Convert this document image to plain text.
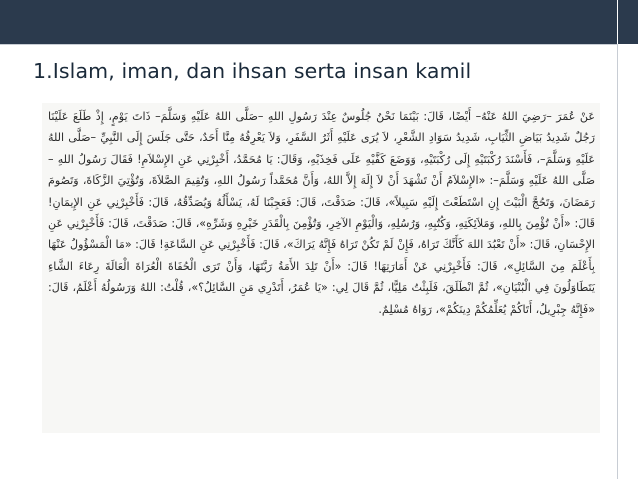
1.Islam, iman, dan ihsan serta insan kamil

عَنْ عُمَرَ –رَضِيَ اللهُ عَنْهُ– أَيْضًا، قَالَ: بَيْنَمَا نَحْنُ جُلُوسٌ عِنْدَ رَسُولِ اللهِ –صَلَّى اللهُ عَلَيْهِ وَسَلَّمَ– ذَاتَ يَوْمٍ، إِذْ طَلَعَ عَلَيْنَا رَجُلٌ شَدِيدُ بَيَاضِ الثِّيَابِ، شَدِيدُ سَوَادِ الشَّعْرِ، لاَ يُرَى عَلَيْهِ أَثَرُ السَّفَرِ، وَلاَ يَعْرِفُهُ مِنَّا أَحَدٌ، حَتَّى جَلَسَ إِلَى النَّبِيِّ –صَلَّى اللهُ عَلَيْهِ وَسَلَّمَ–، فَأَسْنَدَ رُكْبَتَيْهِ إِلَى رُكْبَتَيْهِ، وَوَضَعَ كَفَّيْهِ عَلَى فَخِذَيْهِ، وَقَالَ: يَا مُحَمَّدُ، أَخْبِرْنِي عَنِ الإِسْلاَمِ! فَقَالَ رَسُولُ اللهِ –صَلَّى اللهُ عَلَيْهِ وَسَلَّمَ–: «الإِسْلاَمُ أَنْ تَشْهَدَ أَنْ لاَ إِلَهَ إِلاَّ اللهُ، وَأَنَّ مُحَمَّداً رَسُولُ اللهِ، وَتُقِيمَ الصَّلاَةَ، وَتُؤْتِيَ الزَّكَاةَ، وَتَصُومَ رَمَضَانَ، وَتَحُجَّ الْبَيْتَ إِنِ اسْتَطَعْتَ إِلَيْهِ سَبِيلاً»، قَالَ: صَدَقْتَ، قَالَ: فَعَجِبْنَا لَهُ، يَسْأَلُهُ وَيُصَدِّقُهُ، قَالَ: فَأَخْبِرْنِي عَنِ الإِيمَانِ! قَالَ: «أَنْ تُؤْمِنَ بِاللهِ، وَمَلاَئِكَتِهِ، وَكُتُبِهِ، وَرُسُلِهِ، وَالْيَوْمِ الآخِرِ، وَتُؤْمِنَ بِالْقَدَرِ خَيْرِهِ وَشَرِّهِ»، قَالَ: صَدَقْتَ، قَالَ: فَأَخْبِرْنِي عَنِ الإِحْسَانِ، قَالَ: «أَنْ تَعْبُدَ اللهَ كَأَنَّكَ تَرَاهُ، فَإِنْ لَمْ تَكُنْ تَرَاهُ فَإِنَّهُ يَرَاكَ»، قَالَ: فَأَخْبِرْنِي عَنِ السَّاعَةِ! قَالَ: «مَا الْمَسْؤُولُ عَنْهَا بِأَعْلَمَ مِنَ السَّائِلِ»، قَالَ: فَأَخْبِرْنِي عَنْ أَمَارَتِهَا! قَالَ: «أَنْ تَلِدَ الأَمَةُ رَبَّتَهَا، وَأَنْ تَرَى الْحُفَاةَ الْعُرَاةَ الْعَالَةَ رِعَاءَ الشَّاءِ يَتَطَاوَلُونَ فِي الْبُنْيَانِ»، ثُمَّ انْطَلَقَ، فَلَبِثْتُ مَلِيًّا، ثُمَّ قَالَ لِي: «يَا عُمَرُ، أَتَدْرِي مَنِ السَّائِلُ؟»، قُلْتُ: اللهُ وَرَسُولُهُ أَعْلَمُ، قَالَ: «فَإِنَّهُ جِبْرِيلُ، أَتَاكُمْ يُعَلِّمُكُمْ دِينَكُمْ»، رَوَاهُ مُسْلِمٌ.
